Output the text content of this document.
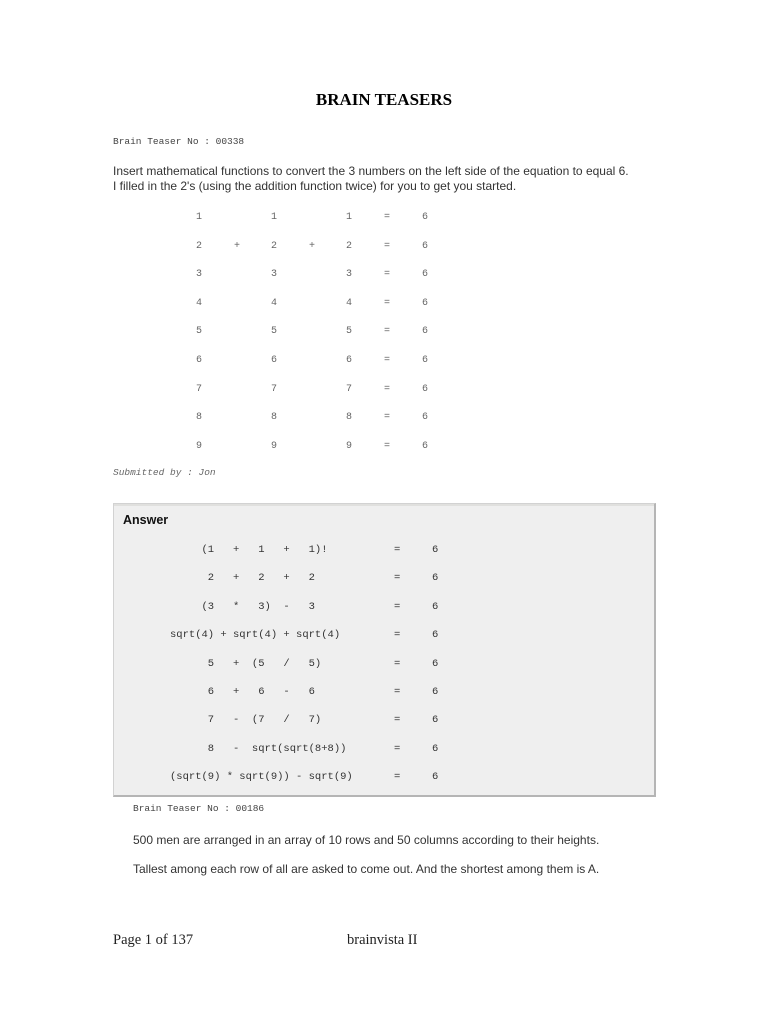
BRAIN TEASERS
Brain Teaser No : 00338
Insert mathematical functions to convert the 3 numbers on the left side of the equation to equal 6.
I filled in the 2's (using the addition function twice) for you to get you started.
1	1	1	=	6
2	+	2	+	2	=	6
3	3	3	=	6
4	4	4	=	6
5	5	5	=	6
6	6	6	=	6
7	7	7	=	6
8	8	8	=	6
9	9	9	=	6
Submitted by : Jon
Answer
(1   +   1   +   1)!	=	6
2   +   2   +   2	=	6
(3   *   3)  -   3	=	6
sqrt(4) + sqrt(4) + sqrt(4)	=	6
5   +  (5   /   5)	=	6
6   +   6   -   6	=	6
7   -  (7   /   7)	=	6
8   -  sqrt(sqrt(8+8))	=	6
(sqrt(9) * sqrt(9)) - sqrt(9)	=	6
Brain Teaser No : 00186
500 men are arranged in an array of 10 rows and 50 columns according to their heights.
Tallest among each row of all are asked to come out. And the shortest among them is A.
Page 1 of 137	brainvista II
